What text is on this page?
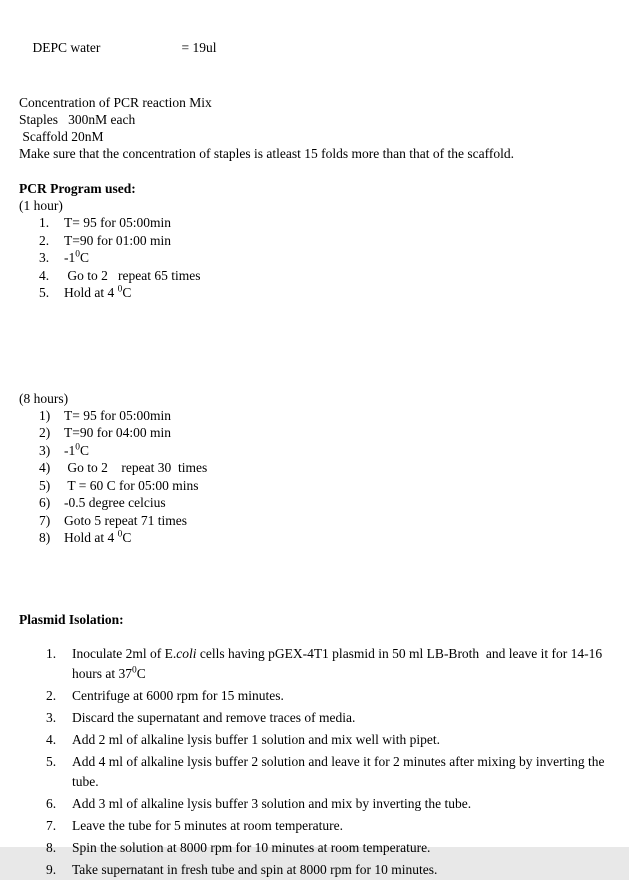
DEPC water	= 19ul

Concentration of PCR reaction Mix
Staples   300nM each
Scaffold 20nM
Make sure that the concentration of staples is atleast 15 folds more than that of the scaffold.
PCR Program used:
(1 hour)
1.	T= 95 for 05:00min
2.	T=90 for 01:00 min
3.	$-1^0C$
4.	Go to 2   repeat 65 times
5.	Hold at 4 $^0$C
(8 hours)
1)	T= 95 for 05:00min
2)	T=90 for 04:00 min
3)	$-1^0C$
4)	Go to 2    repeat 30  times
5)	T = 60 C for 05:00 mins
6)	-0.5 degree celcius
7)	Goto 5 repeat 71 times
8)	Hold at 4 $^0$C
Plasmid Isolation:
1.	Inoculate 2ml of E.coli cells having pGEX-4T1 plasmid in 50 ml LB-Broth  and leave it for 14-16 hours at $37^0C$
2.	Centrifuge at 6000 rpm for 15 minutes.
3.	Discard the supernatant and remove traces of media.
4.	Add 2 ml of alkaline lysis buffer 1 solution and mix well with pipet.
5.	Add 4 ml of alkaline lysis buffer 2 solution and leave it for 2 minutes after mixing by inverting the tube.
6.	Add 3 ml of alkaline lysis buffer 3 solution and mix by inverting the tube.
7.	Leave the tube for 5 minutes at room temperature.
8.	Spin the solution at 8000 rpm for 10 minutes at room temperature.
9.	Take supernatant in fresh tube and spin at 8000 rpm for 10 minutes.
